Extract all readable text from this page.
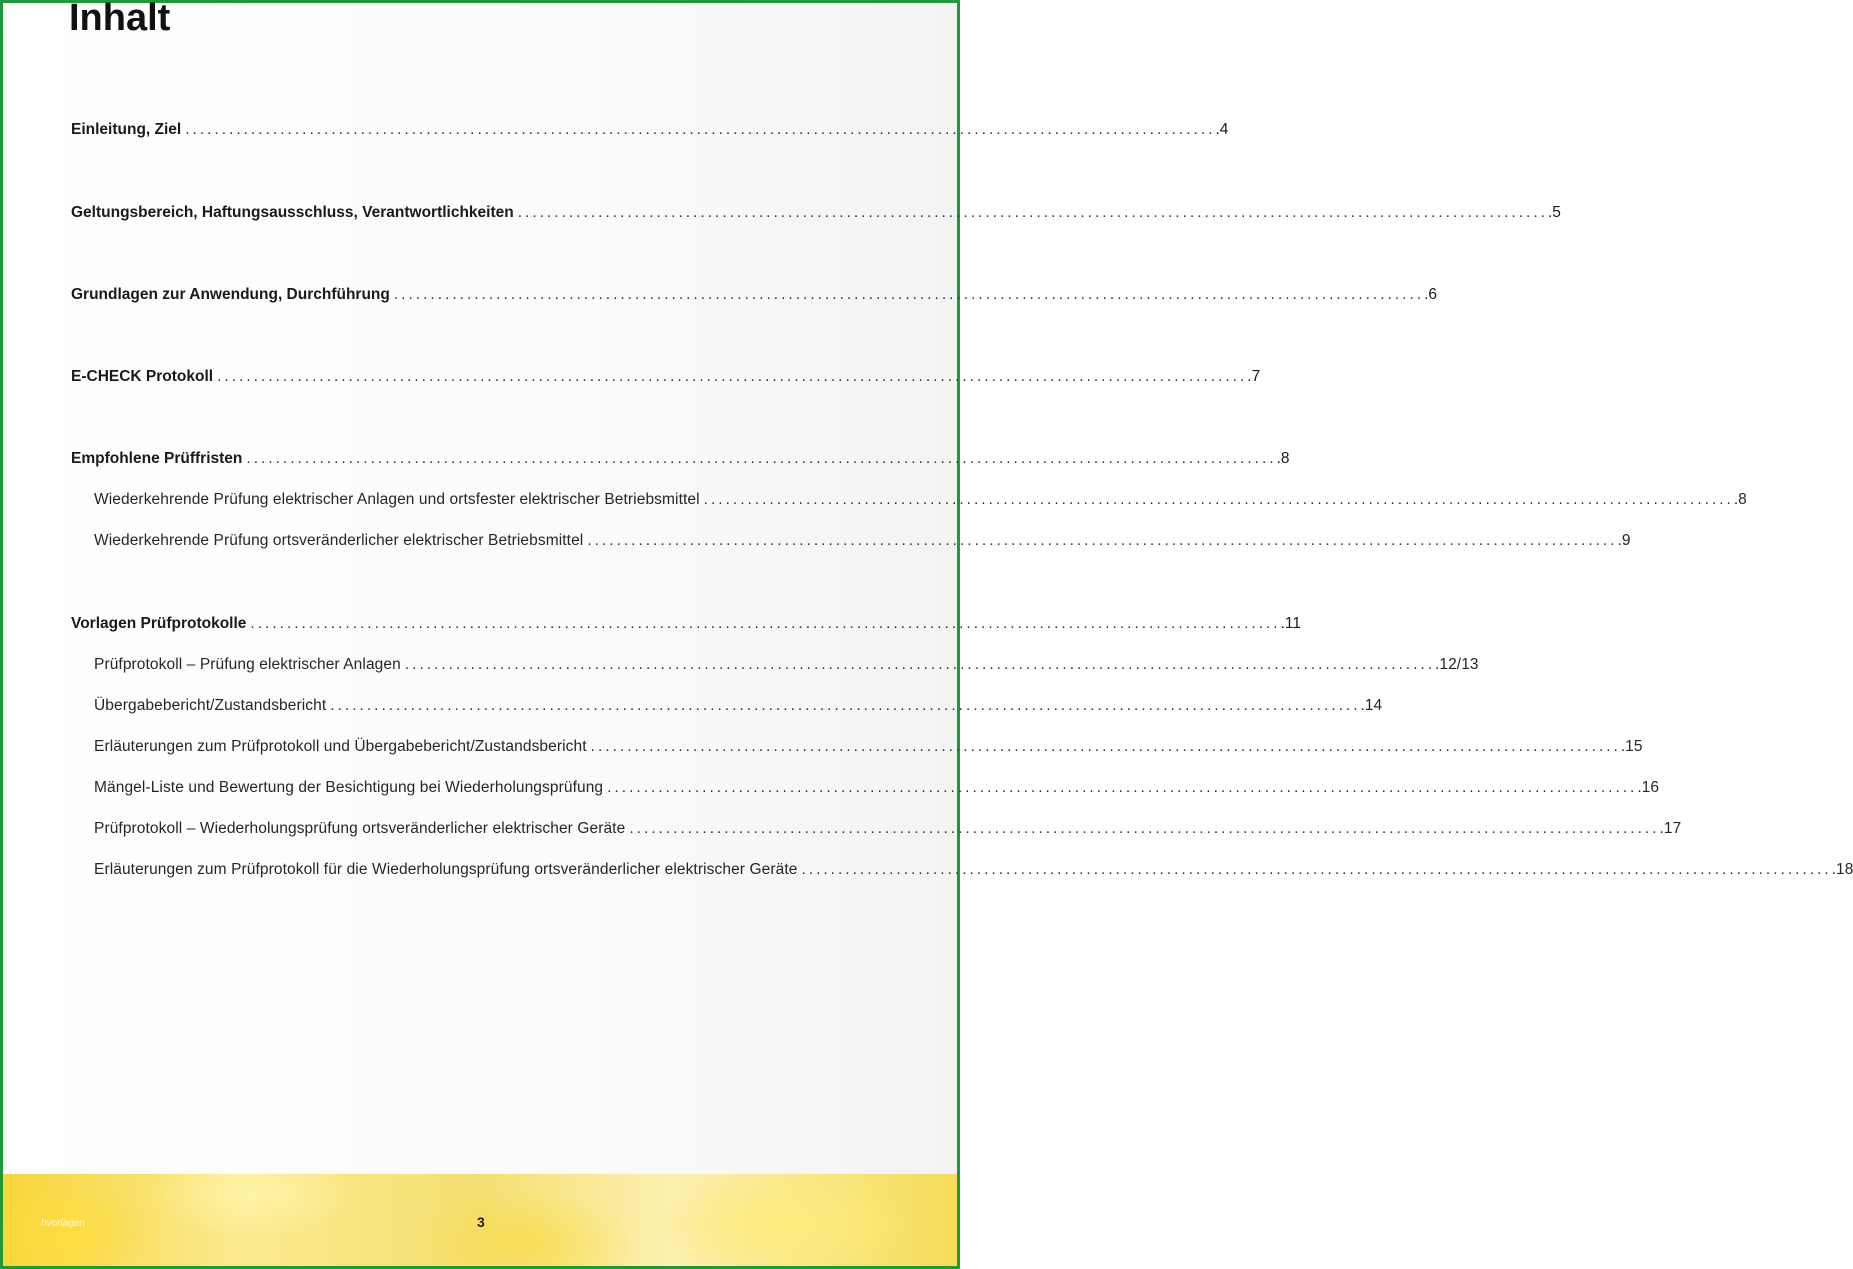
Inhalt
Einleitung, Ziel ............................................................................................................................................. . 4
Geltungsbereich, Haftungsausschluss, Verantwortlichkeiten ............................................................................................................................................. . 5
Grundlagen zur Anwendung, Durchführung ............................................................................................................................................. . 6
E-CHECK Protokoll ............................................................................................................................................. . 7
Empfohlene Prüffristen ............................................................................................................................................. . 8
Wiederkehrende Prüfung elektrischer Anlagen und ortsfester elektrischer Betriebsmittel ............................................................................................................................................. . 8
Wiederkehrende Prüfung ortsveränderlicher elektrischer Betriebsmittel ............................................................................................................................................. . 9
Vorlagen Prüfprotokolle ............................................................................................................................................. . 11
Prüfprotokoll – Prüfung elektrischer Anlagen ............................................................................................................................................. . 12/13
Übergabebericht/Zustandsbericht ............................................................................................................................................. . 14
Erläuterungen zum Prüfprotokoll und Übergabebericht/Zustandsbericht ............................................................................................................................................. . 15
Mängel-Liste und Bewertung der Besichtigung bei Wiederholungsprüfung ............................................................................................................................................. . 16
Prüfprotokoll – Wiederholungsprüfung ortsveränderlicher elektrischer Geräte ............................................................................................................................................. . 17
Erläuterungen zum Prüfprotokoll für die Wiederholungsprüfung ortsveränderlicher elektrischer Geräte ............................................................................................................................................. . 18
hvorlagen	3
